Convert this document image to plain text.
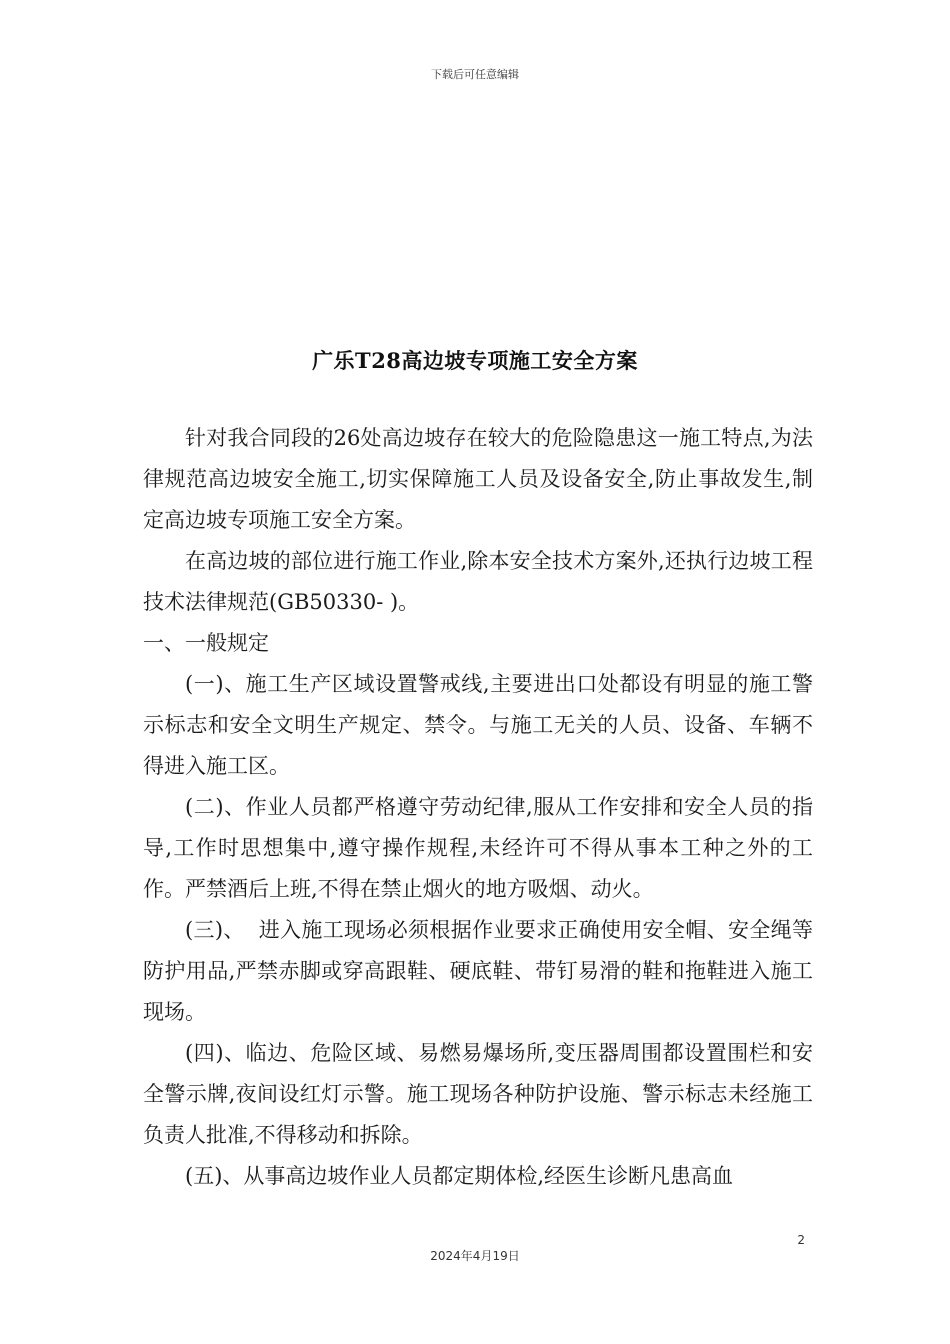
下载后可任意编辑
广乐T28高边坡专项施工安全方案

针对我合同段的26处高边坡存在较大的危险隐患这一施工特点,为法律规范高边坡安全施工,切实保障施工人员及设备安全,防止事故发生,制定高边坡专项施工安全方案。

在高边坡的部位进行施工作业,除本安全技术方案外,还执行边坡工程技术法律规范(GB50330- )。

一、一般规定

(一)、施工生产区域设置警戒线,主要进出口处都设有明显的施工警示标志和安全文明生产规定、禁令。与施工无关的人员、设备、车辆不得进入施工区。

(二)、作业人员都严格遵守劳动纪律,服从工作安排和安全人员的指导,工作时思想集中,遵守操作规程,未经许可不得从事本工种之外的工作。严禁酒后上班,不得在禁止烟火的地方吸烟、动火。

(三)、  进入施工现场必须根据作业要求正确使用安全帽、安全绳等防护用品,严禁赤脚或穿高跟鞋、硬底鞋、带钉易滑的鞋和拖鞋进入施工现场。

(四)、临边、危险区域、易燃易爆场所,变压器周围都设置围栏和安全警示牌,夜间设红灯示警。施工现场各种防护设施、警示标志未经施工负责人批准,不得移动和拆除。

(五)、从事高边坡作业人员都定期体检,经医生诊断凡患高血

2
2024年4月19日
